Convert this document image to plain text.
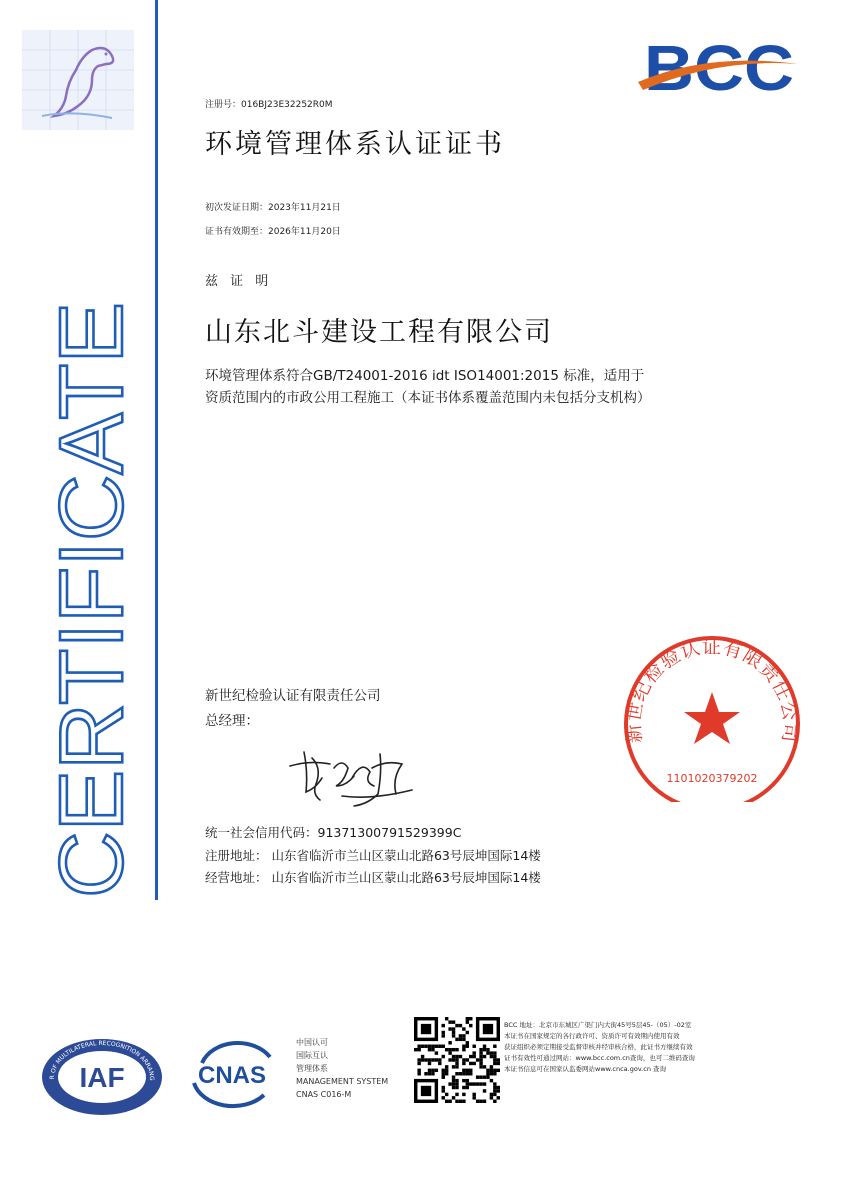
CERTIFICATE
BCC
注册号：016BJ23E32252R0M
环境管理体系认证证书
初次发证日期：2023年11月21日
证书有效期至：2026年11月20日
兹 证 明
山东北斗建设工程有限公司
环境管理体系符合GB/T24001-2016 idt ISO14001:2015 标准，适用于
资质范围内的市政公用工程施工（本证书体系覆盖范围内未包括分支机构）
新世纪检验认证有限责任公司
总经理：
统一社会信用代码：91371300791529399C
注册地址： 山东省临沂市兰山区蒙山北路63号辰坤国际14楼
经营地址： 山东省临沂市兰山区蒙山北路63号辰坤国际14楼
新世纪检验认证有限责任公司
1101020379202
R OF MULTILATERAL RECOGNITION ARRANG
IAF	CNAS
中国认可
国际互认
管理体系
MANAGEMENT SYSTEM
CNAS C016-M
BCC 地址：北京市东城区广渠门内大街45号5层45-（05）-02室
本证书在国家规定的各行政许可、资质许可有效期内使用有效
获证组织必须定期接受监督审核并经审核合格，此证书方继续有效
证书有效性可通过网站：www.bcc.com.cn查询，也可二维码查询
本证书信息可在国家认监委网站www.cnca.gov.cn 查询
